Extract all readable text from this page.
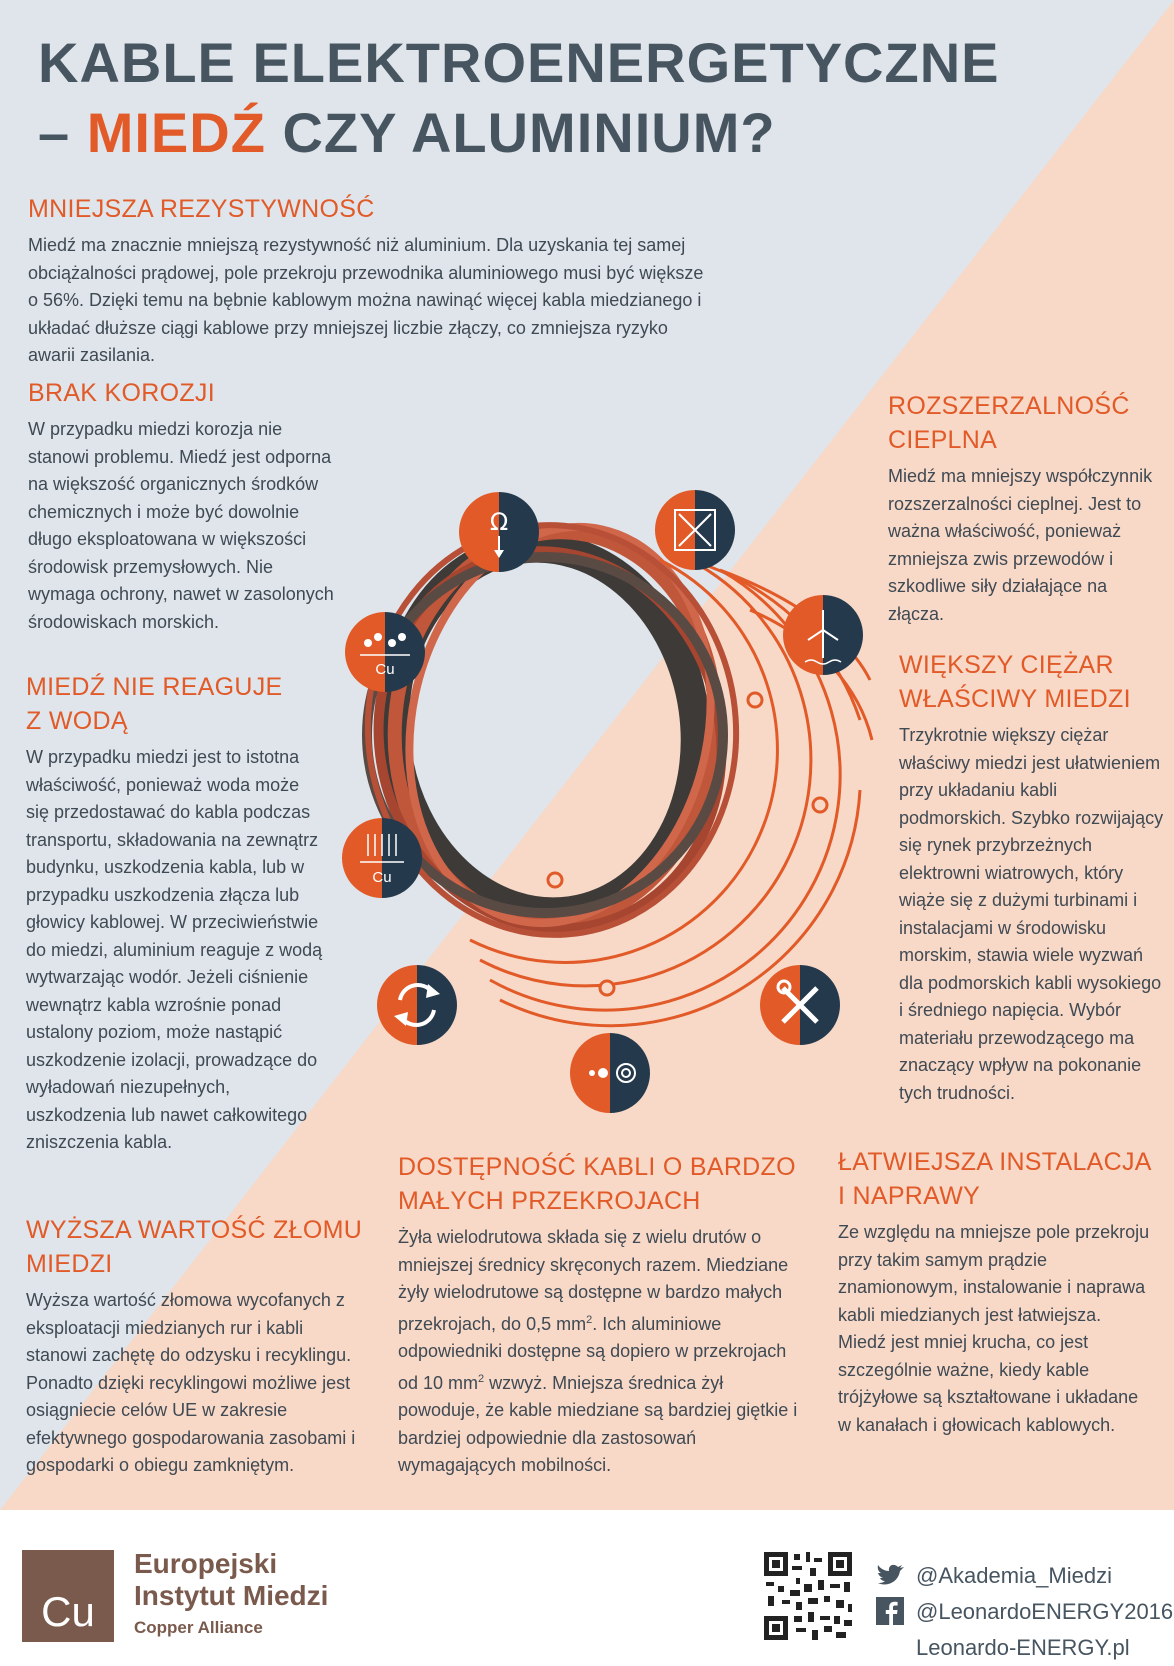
Ω
Cu
Cu
KABLE ELEKTROENERGETYCZNE
– MIEDŹ CZY ALUMINIUM?
MNIEJSZA REZYSTYWNOŚĆ

Miedź ma znacznie mniejszą rezystywność niż aluminium. Dla uzyskania tej samej obciążalności prądowej, pole przekroju przewodnika aluminiowego musi być większe o 56%. Dzięki temu na bębnie kablowym można nawinąć więcej kabla miedzianego i układać dłuższe ciągi kablowe przy mniejszej liczbie złączy, co zmniejsza ryzyko awarii zasilania.

BRAK KOROZJI

W przypadku miedzi korozja nie stanowi problemu. Miedź jest odporna na większość organicznych środków chemicznych i może być dowolnie długo eksploatowana w większości środowisk przemysłowych. Nie wymaga ochrony, nawet w zasolonych środowiskach morskich.

MIEDŹ NIE REAGUJE
Z WODĄ

W przypadku miedzi jest to istotna właściwość, ponieważ woda może się przedostawać do kabla podczas transportu, składowania na zewnątrz budynku, uszkodzenia kabla, lub w przypadku uszkodzenia złącza lub głowicy kablowej. W przeciwieństwie do miedzi, aluminium reaguje z wodą wytwarzając wodór. Jeżeli ciśnienie wewnątrz kabla wzrośnie ponad ustalony poziom, może nastąpić uszkodzenie izolacji, prowadzące do wyładowań niezupełnych, uszkodzenia lub nawet całkowitego zniszczenia kabla.

WYŻSZA WARTOŚĆ ZŁOMU
MIEDZI

Wyższa wartość złomowa wycofanych z eksploatacji miedzianych rur i kabli stanowi zachętę do odzysku i recyklingu. Ponadto dzięki recyklingowi możliwe jest osiągniecie celów UE w zakresie efektywnego gospodarowania zasobami i gospodarki o obiegu zamkniętym.

ROZSZERZALNOŚĆ
CIEPLNA

Miedź ma mniejszy współczynnik rozszerzalności cieplnej. Jest to ważna właściwość, ponieważ zmniejsza zwis przewodów i szkodliwe siły działające na złącza.

WIĘKSZY CIĘŻAR
WŁAŚCIWY MIEDZI

Trzykrotnie większy ciężar właściwy miedzi jest ułatwieniem przy układaniu kabli podmorskich. Szybko rozwijający się rynek przybrzeżnych elektrowni wiatrowych, który wiąże się z dużymi turbinami i instalacjami w środowisku morskim, stawia wiele wyzwań dla podmorskich kabli wysokiego i średniego napięcia. Wybór materiału przewodzącego ma znaczący wpływ na pokonanie tych trudności.

DOSTĘPNOŚĆ KABLI O BARDZO
MAŁYCH PRZEKROJACH

Żyła wielodrutowa składa się z wielu drutów o mniejszej średnicy skręconych razem. Miedziane żyły wielodrutowe są dostępne w bardzo małych przekrojach, do 0,5 $mm^2$. Ich aluminiowe odpowiedniki dostępne są dopiero w przekrojach od 10 $mm^2$ wzwyż. Mniejsza średnica żył powoduje, że kable miedziane są bardziej giętkie i bardziej odpowiednie dla zastosowań wymagających mobilności.

ŁATWIEJSZA INSTALACJA
I NAPRAWY

Ze względu na mniejsze pole przekroju przy takim samym prądzie znamionowym, instalowanie i naprawa kabli miedzianych jest łatwiejsza. Miedź jest mniej krucha, co jest szczególnie ważne, kiedy kable trójżyłowe są kształtowane i układane w kanałach i głowicach kablowych.

Cu
Europejski
Instytut Miedzi
Copper Alliance
@Akademia_Miedzi
@LeonardoENERGY2016
Leonardo-ENERGY.pl
